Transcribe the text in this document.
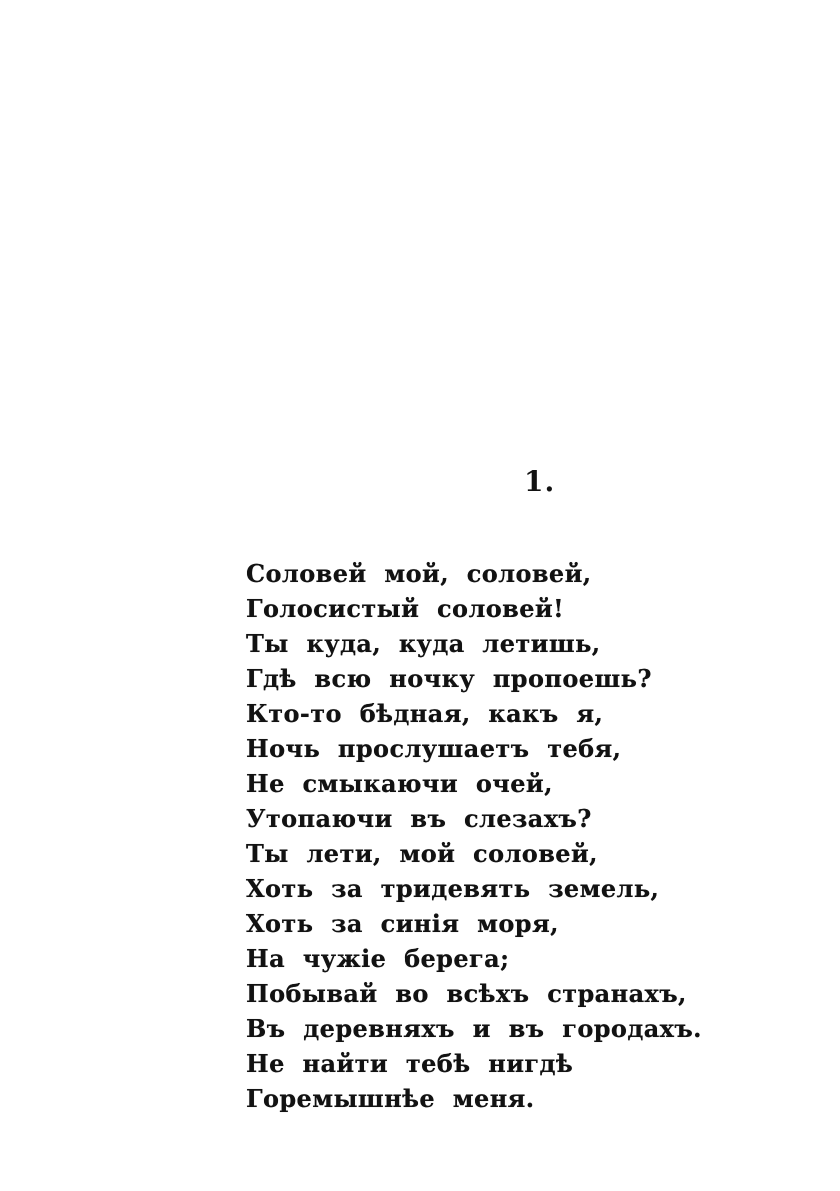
1.
Соловей мой, соловей,
Голосистый соловей!
Ты куда, куда летишь,
Гдѣ всю ночку пропоешь?
Кто-то бѣдная, какъ я,
Ночь прослушаетъ тебя,
Не смыкаючи очей,
Утопаючи въ слезахъ?
Ты лети, мой соловей,
Хоть за тридевять земель,
Хоть за синія моря,
На чужіе берега;
Побывай во всѣхъ странахъ,
Въ деревняхъ и въ городахъ.
Не найти тебѣ нигдѣ
Горемышнѣе меня.
